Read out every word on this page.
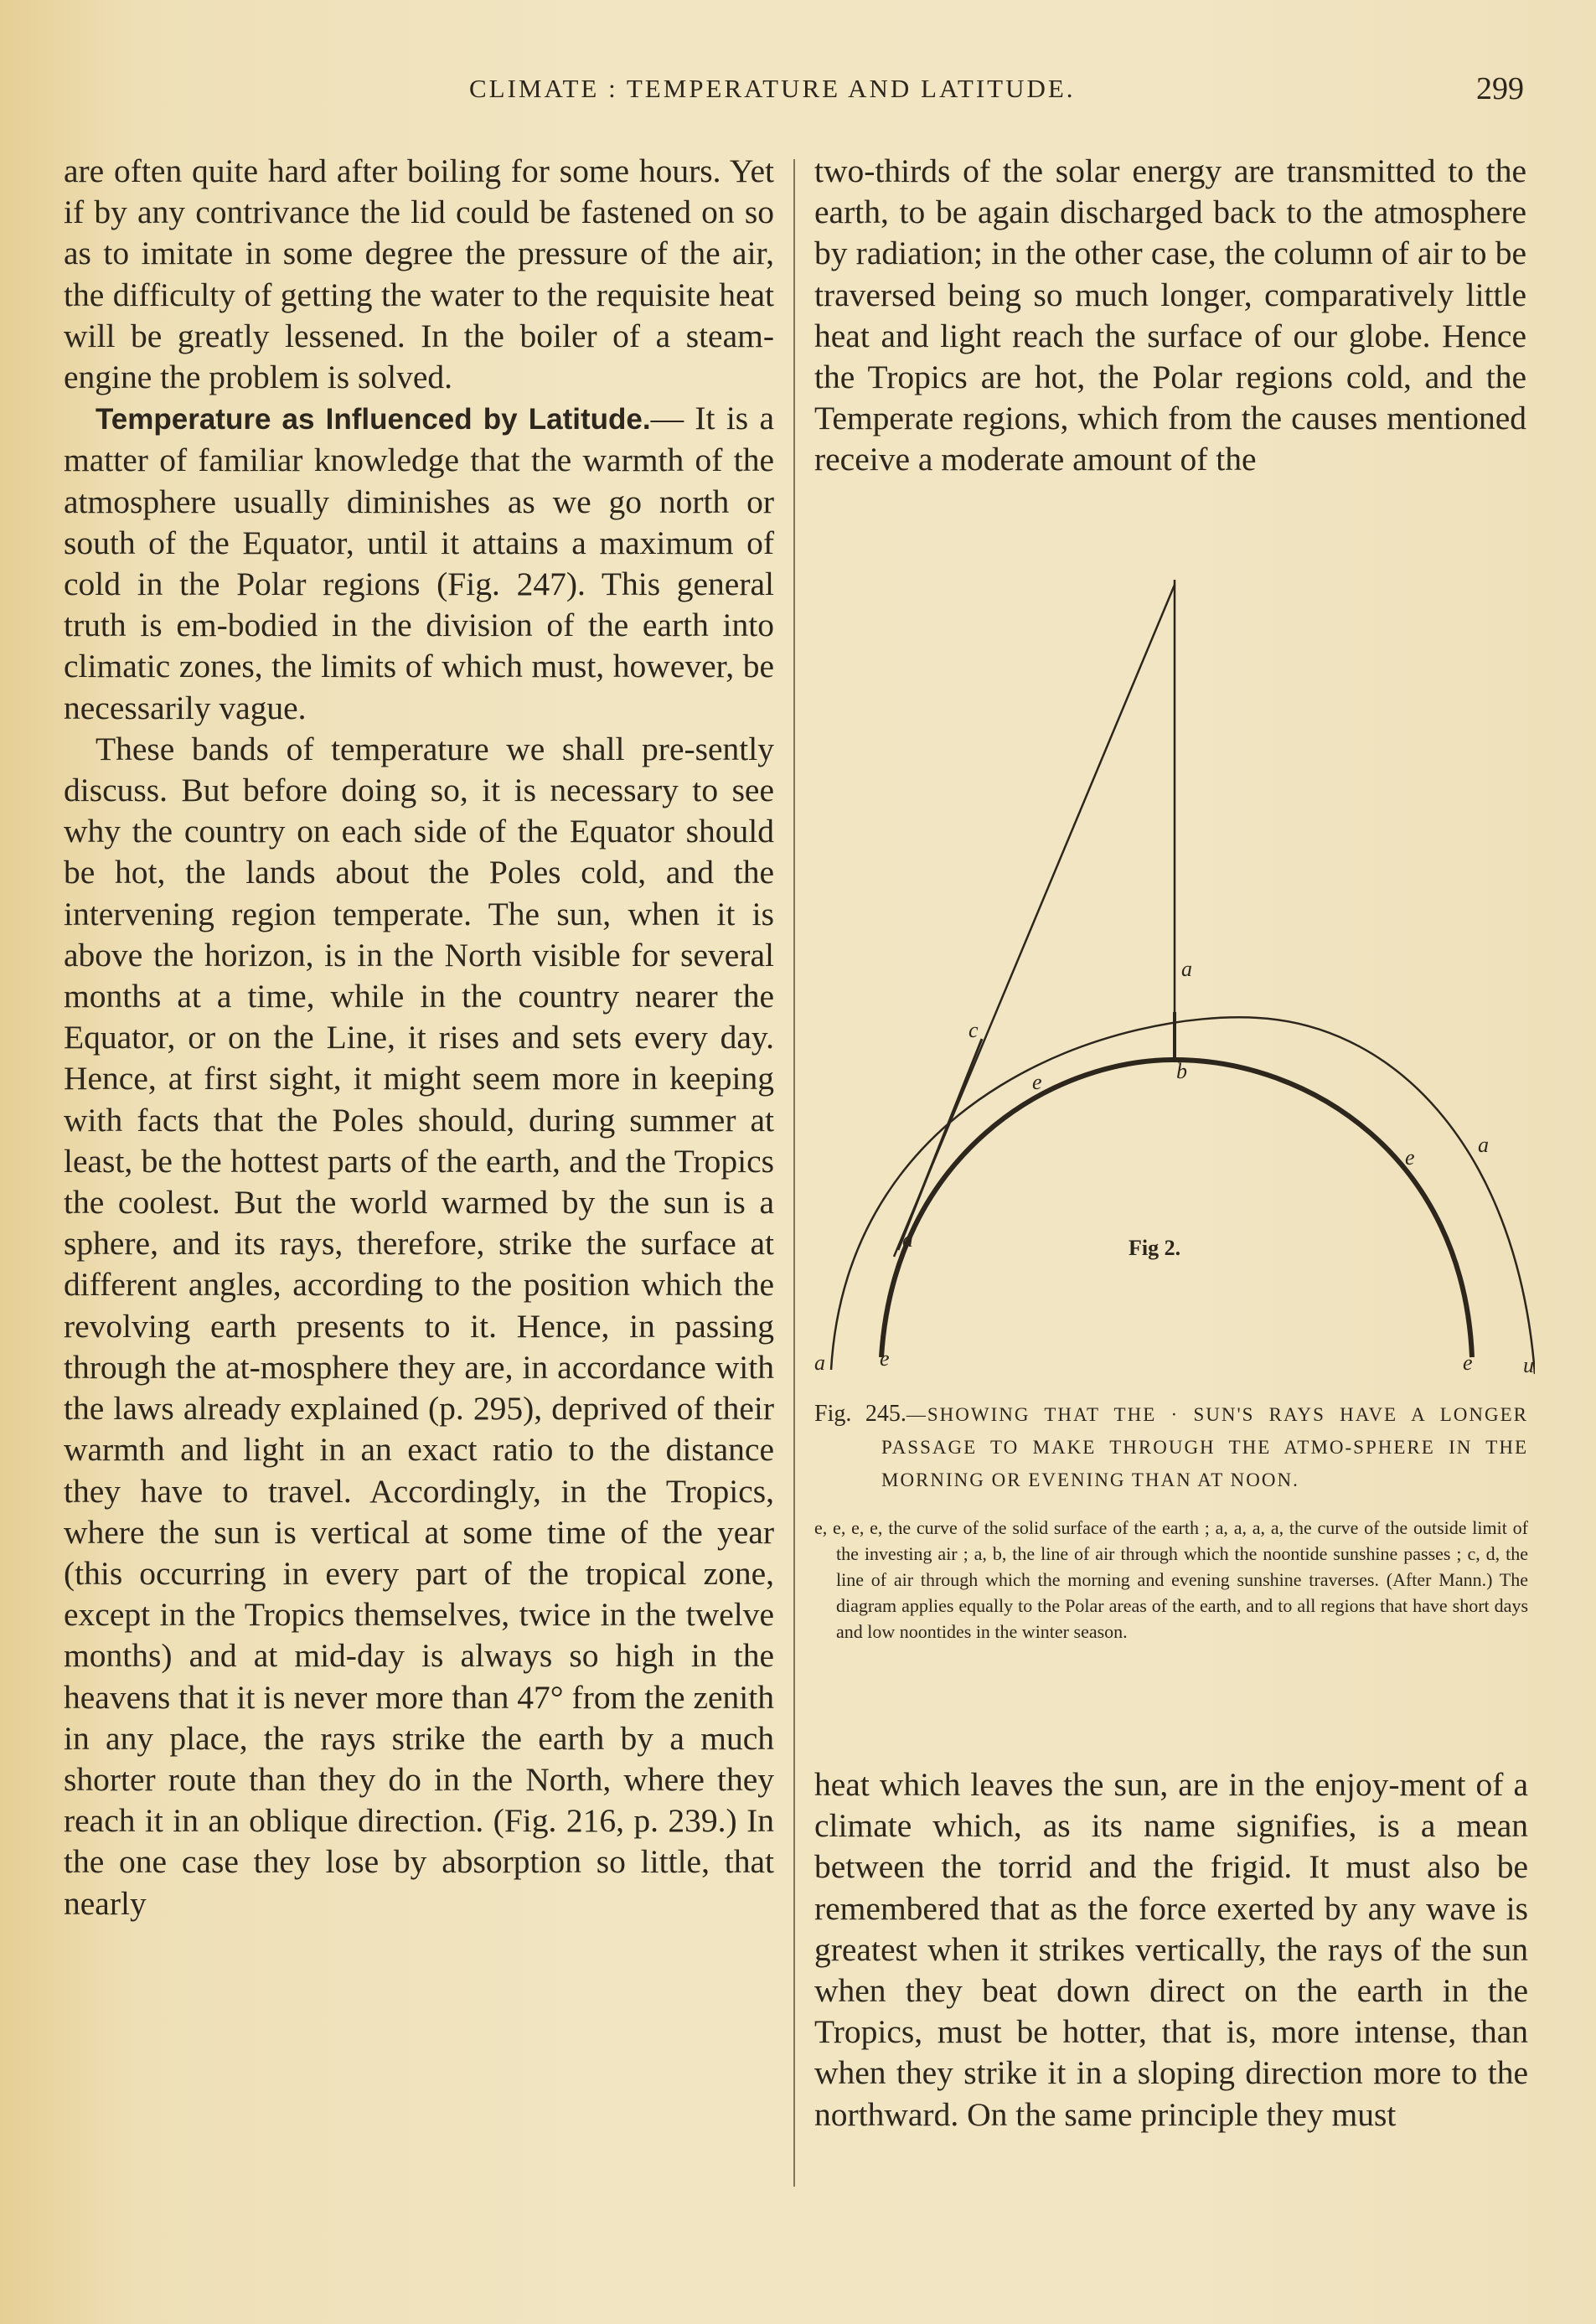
CLIMATE : TEMPERATURE AND LATITUDE.	299

are often quite hard after boiling for some hours. Yet if by any contrivance the lid could be fastened on so as to imitate in some degree the pressure of the air, the difficulty of getting the water to the requisite heat will be greatly lessened. In the boiler of a steam-engine the problem is solved.

Temperature as Influenced by Latitude.— It is a matter of familiar knowledge that the warmth of the atmosphere usually diminishes as we go north or south of the Equator, until it attains a maximum of cold in the Polar regions (Fig. 247). This general truth is em-bodied in the division of the earth into climatic zones, the limits of which must, however, be necessarily vague.

These bands of temperature we shall pre-sently discuss. But before doing so, it is necessary to see why the country on each side of the Equator should be hot, the lands about the Poles cold, and the intervening region temperate. The sun, when it is above the horizon, is in the North visible for several months at a time, while in the country nearer the Equator, or on the Line, it rises and sets every day. Hence, at first sight, it might seem more in keeping with facts that the Poles should, during summer at least, be the hottest parts of the earth, and the Tropics the coolest. But the world warmed by the sun is a sphere, and its rays, therefore, strike the surface at different angles, according to the position which the revolving earth presents to it. Hence, in passing through the at-mosphere they are, in accordance with the laws already explained (p. 295), deprived of their warmth and light in an exact ratio to the distance they have to travel. Accordingly, in the Tropics, where the sun is vertical at some time of the year (this occurring in every part of the tropical zone, except in the Tropics themselves, twice in the twelve months) and at mid-day is always so high in the heavens that it is never more than 47° from the zenith in any place, the rays strike the earth by a much shorter route than they do in the North, where they reach it in an oblique direction. (Fig. 216, p. 239.) In the one case they lose by absorption so little, that nearly

two-thirds of the solar energy are transmitted to the earth, to be again discharged back to the atmosphere by radiation; in the other case, the column of air to be traversed being so much longer, comparatively little heat and light reach the surface of our globe. Hence the Tropics are hot, the Polar regions cold, and the Temperate regions, which from the causes mentioned receive a moderate amount of the

a
b
c
d
e
e
a
Fig 2.
a	e	e u
Fig. 245.—SHOWING THAT THE · SUN'S RAYS HAVE A LONGER PASSAGE TO MAKE THROUGH THE ATMO-SPHERE IN THE MORNING OR EVENING THAN AT NOON.
e, e, e, e, the curve of the solid surface of the earth ; a, a, a, a, the curve of the outside limit of the investing air ; a, b, the line of air through which the noontide sunshine passes ; c, d, the line of air through which the morning and evening sunshine traverses. (After Mann.) The diagram applies equally to the Polar areas of the earth, and to all regions that have short days and low noontides in the winter season.

heat which leaves the sun, are in the enjoy-ment of a climate which, as its name signifies, is a mean between the torrid and the frigid. It must also be remembered that as the force exerted by any wave is greatest when it strikes vertically, the rays of the sun when they beat down direct on the earth in the Tropics, must be hotter, that is, more intense, than when they strike it in a sloping direction more to the northward. On the same principle they must
